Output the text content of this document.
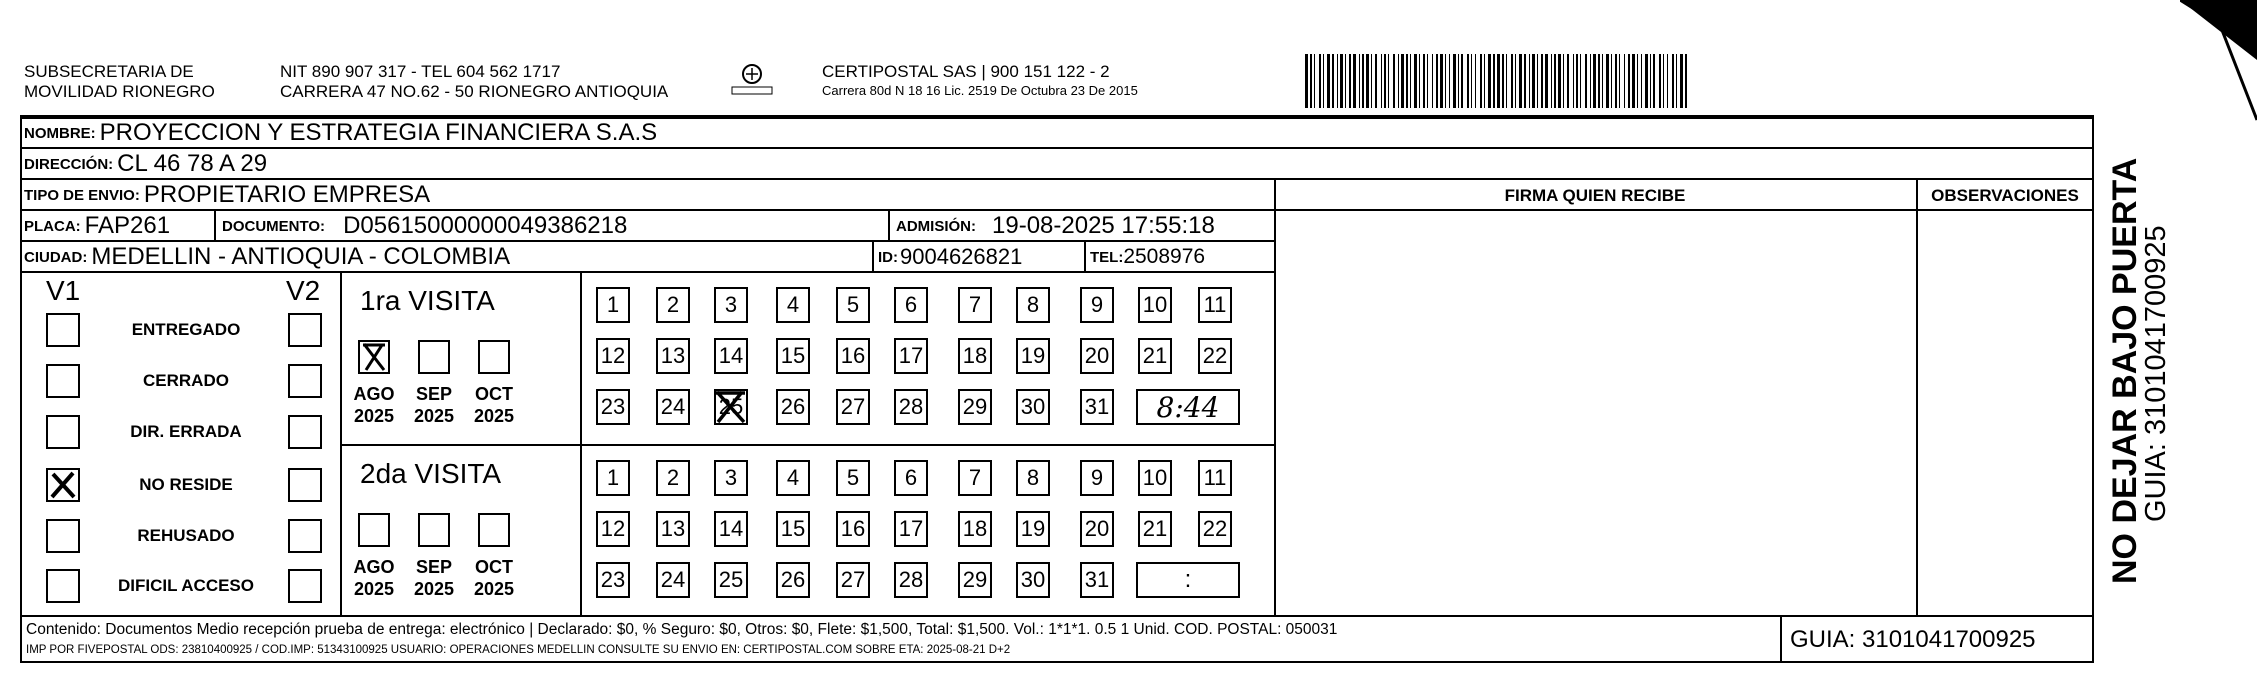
SUBSECRETARIA DE
MOVILIDAD RIONEGRO
NIT 890 907 317 - TEL 604 562 1717
CARRERA 47 NO.62 - 50 RIONEGRO ANTIOQUIA
CERTIPOSTAL SAS | 900 151 122 - 2
Carrera 80d N 18 16 Lic. 2519 De Octubra 23 De 2015
NOMBRE: PROYECCION Y ESTRATEGIA FINANCIERA S.A.S
DIRECCIÓN: CL 46 78 A 29
TIPO DE ENVIO: PROPIETARIO EMPRESA	FIRMA QUIEN RECIBE	OBSERVACIONES
PLACA: FAP261	DOCUMENTO: D05615000000049386218	ADMISIÓN: 19-08-2025 17:55:18
CIUDAD: MEDELLIN - ANTIOQUIA - COLOMBIA	ID: 9004626821	TEL: 2508976
V1	V2
ENTREGADO
CERRADO
DIR. ERRADA
NO RESIDE
REHUSADO
DIFICIL ACCESO
1ra VISITA
AGO
2025
SEP
2025
OCT
2025
1 2 3 4 5 6 7 8 9 10 11
12 13 14 15 16 17 18 19 20 21 22
23 24 25 26 27 28 29 30 31 8:44
2da VISITA
AGO
2025
SEP
2025
OCT
2025
1 2 3 4 5 6 7 8 9 10 11
12 13 14 15 16 17 18 19 20 21 22
23 24 25 26 27 28 29 30 31	:
Contenido: Documentos Medio recepción prueba de entrega: electrónico | Declarado: $0, % Seguro: $0, Otros: $0, Flete: $1,500, Total: $1,500. Vol.: 1*1*1. 0.5 1 Unid. COD. POSTAL: 050031
IMP POR FIVEPOSTAL ODS: 23810400925 / COD.IMP: 51343100925 USUARIO: OPERACIONES MEDELLIN CONSULTE SU ENVIO EN: CERTIPOSTAL.COM SOBRE ETA: 2025-08-21 D+2	GUIA: 3101041700925
NO DEJAR BAJO PUERTA
GUIA: 3101041700925
